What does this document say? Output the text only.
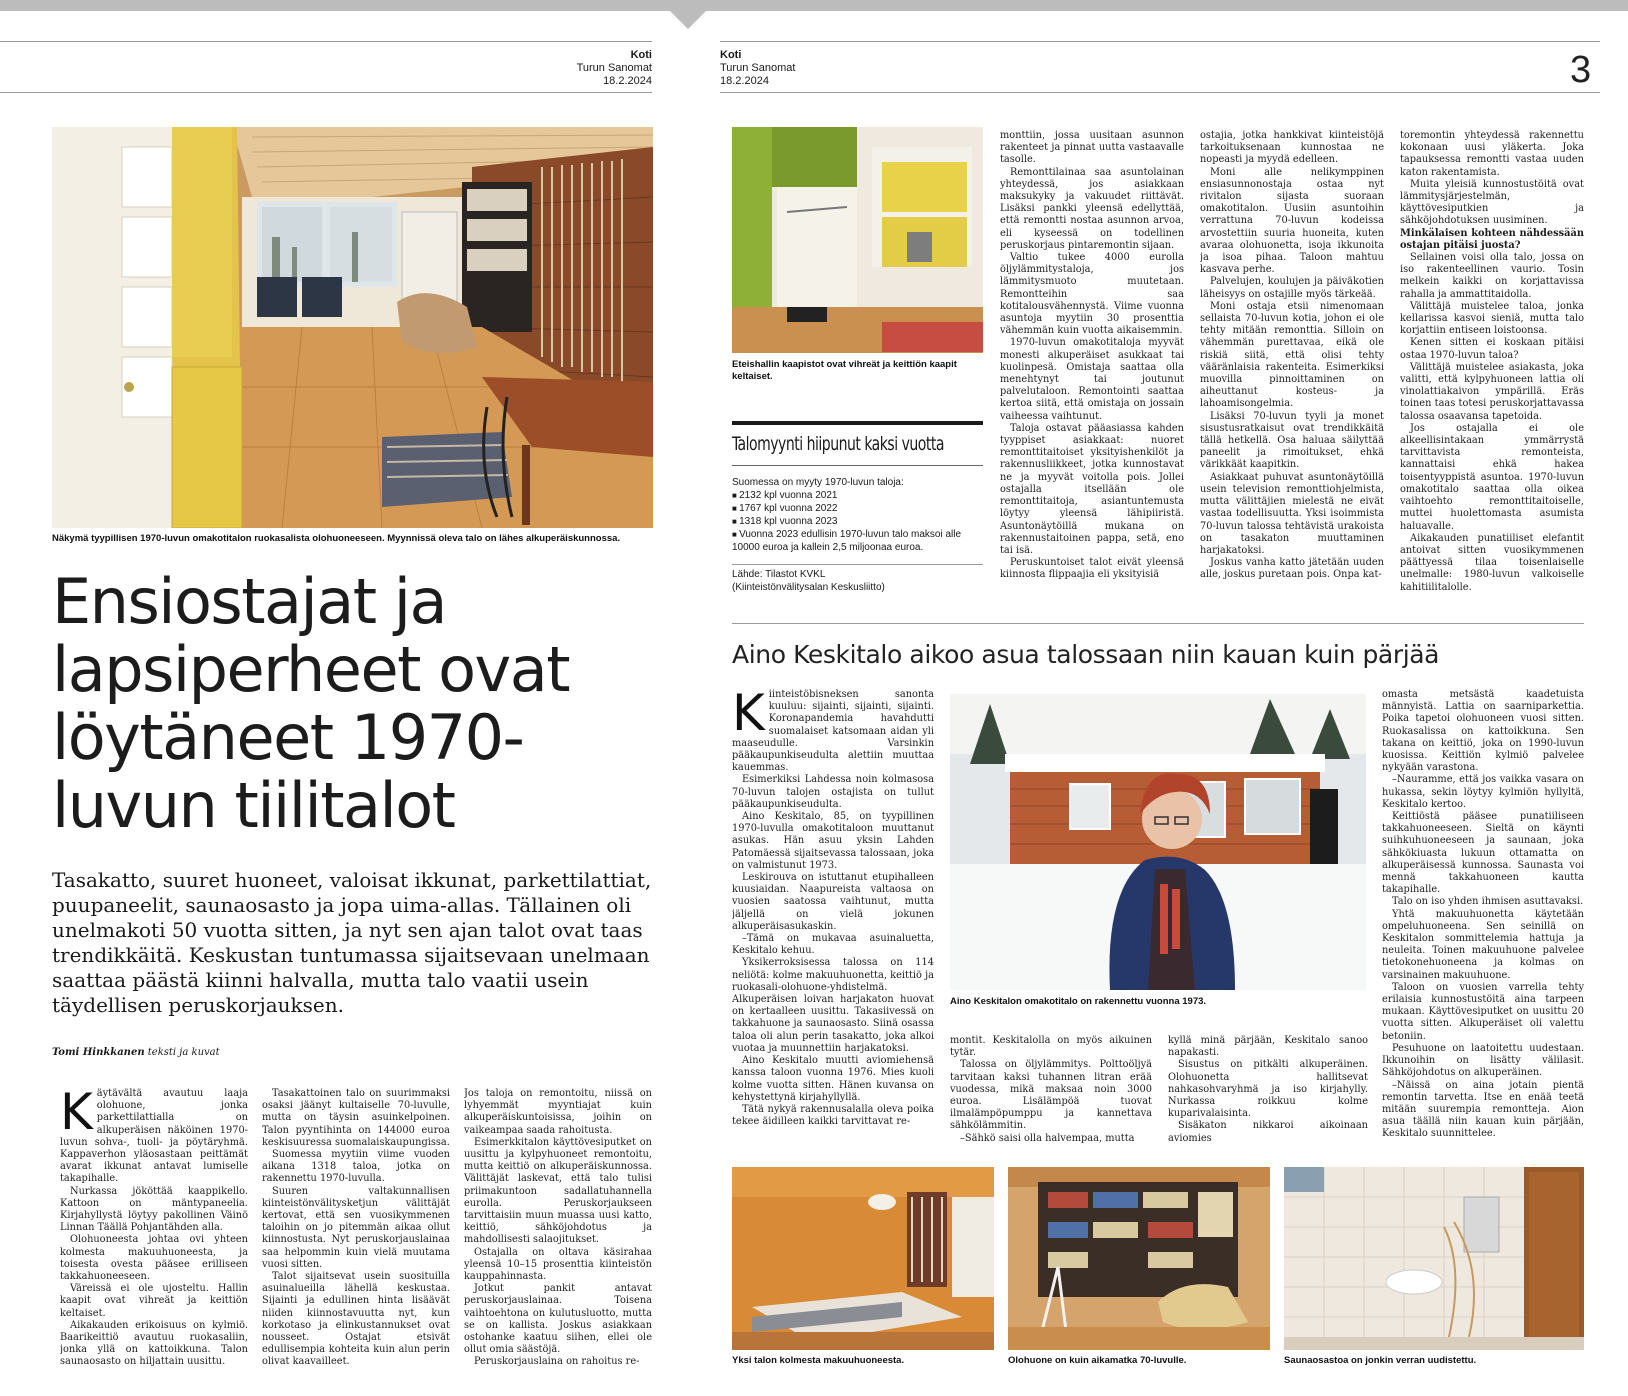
Koti
Turun Sanomat
18.2.2024
Koti
Turun Sanomat
18.2.2024	3
Näkymä tyypillisen 1970-luvun omakotitalon ruokasalista olohuoneeseen. Myynnissä oleva talo on lähes alkuperäiskunnossa.
Ensiostajat ja lapsiperheet ovat löytäneet 1970-luvun tiilitalot

Tasakatto, suuret huoneet, valoisat ikkunat, parkettilattiat, puupaneelit, saunaosasto ja jopa uima-allas. Tällainen oli unelmakoti 50 vuotta sitten, ja nyt sen ajan talot ovat taas trendikkäitä. Keskustan tuntumassa sijaitsevaan unelmaan saattaa päästä kiinni halvalla, mutta talo vaatii usein täydellisen peruskorjauksen.

Tomi Hinkkanen teksti ja kuvat
K äytävältä avautuu laaja olohuone, jonka parkettilattialla on alkuperäisen näköinen 1970-luvun sohva-, tuoli- ja pöytäryhmä. Kappaverhon yläosastaan peittämät avarat ikkunat antavat lumiselle takapihalle.

Nurkassa jököttää kaappikello. Kattoon on mäntypaneelia. Kirjahyllystä löytyy pakollinen Väinö Linnan Täällä Pohjantähden alla.

Olohuoneesta johtaa ovi yhteen kolmesta makuuhuoneesta, ja toisesta ovesta pääsee erilliseen takkahuoneeseen.

Väreissä ei ole ujosteltu. Hallin kaapit ovat vihreät ja keittiön keltaiset.

Aikakauden erikoisuus on kylmiö. Baarikeittiö avautuu ruokasaliin, jonka yllä on kattoikkuna. Talon saunaosasto on hiljattain uusittu.

Tasakattoinen talo on suurimmaksi osaksi jäänyt kultaiselle 70-luvulle, mutta on täysin asuinkelpoinen. Talon pyyntihinta on 144000 euroa keskisuuressa suomalaiskaupungissa.

Suomessa myytiin viime vuoden aikana 1318 taloa, jotka on rakennettu 1970-luvulla.

Suuren valtakunnallisen kiinteistönvälitysketjun välittäjät kertovat, että sen vuosikymmenen taloihin on jo pitemmän aikaa ollut kiinnostusta. Nyt peruskorjauslainaa saa helpommin kuin vielä muutama vuosi sitten.

Talot sijaitsevat usein suosituilla asuinalueilla lähellä keskustaa. Sijainti ja edullinen hinta lisäävät niiden kiinnostavuutta nyt, kun korkotaso ja elinkustannukset ovat nousseet. Ostajat etsivät edullisempia kohteita kuin alun perin olivat kaavailleet.

Jos taloja on remontoitu, niissä on lyhyemmät myyntiajat kuin alkuperäiskuntoisissa, joihin on vaikeampaa saada rahoitusta.

Esimerkkitalon käyttövesiputket on uusittu ja kylpyhuoneet remontoitu, mutta keittiö on alkuperäiskunnossa. Välittäjät laskevat, että talo tulisi priimakuntoon sadallatuhannella eurolla. Peruskorjaukseen tarvittaisiin muun muassa uusi katto, keittiö, sähköjohdotus ja mahdollisesti salaojitukset.

Ostajalla on oltava käsirahaa yleensä 10–15 prosenttia kiinteistön kauppahinnasta.

Jotkut pankit antavat peruskorjauslainaa. Toisena vaihtoehtona on kulutusluotto, mutta se on kallista. Joskus asiakkaan ostohanke kaatuu siihen, ellei ole ollut omia säästöjä.

Peruskorjauslaina on rahoitus re-

Eteishallin kaapistot ovat vihreät ja keittiön kaapit keltaiset.
Talomyynti hiipunut kaksi vuotta
Suomessa on myyty 1970-luvun taloja:
■ 2132 kpl vuonna 2021
■ 1767 kpl vuonna 2022
■ 1318 kpl vuonna 2023
■ Vuonna 2023 edullisin 1970-luvun talo maksoi alle 10000 euroa ja kallein 2,5 miljoonaa euroa.
Lähde: Tilastot KVKL
(Kiinteistönvälitysalan Keskusliitto)

monttiin, jossa uusitaan asunnon rakenteet ja pinnat uutta vastaavalle tasolle.

Remonttilainaa saa asuntolainan yhteydessä, jos asiakkaan maksukyky ja vakuudet riittävät. Lisäksi pankki yleensä edellyttää, että remontti nostaa asunnon arvoa, eli kyseessä on todellinen peruskorjaus pintaremontin sijaan.

Valtio tukee 4000 eurolla öljylämmitystaloja, jos lämmitysmuoto muutetaan. Remontteihin saa kotitalousvähennystä. Viime vuonna asuntoja myytiin 30 prosenttia vähemmän kuin vuotta aikaisemmin.

1970-luvun omakotitaloja myyvät monesti alkuperäiset asukkaat tai kuolinpesä. Omistaja saattaa olla menehtynyt tai joutunut palvelutaloon. Remontointi saattaa kertoa siitä, että omistaja on jossain vaiheessa vaihtunut.

Taloja ostavat pääasiassa kahden tyyppiset asiakkaat: nuoret remonttitaitoiset yksityishenkilöt ja rakennusliikkeet, jotka kunnostavat ne ja myyvät voitolla pois. Jollei ostajalla itsellään ole remonttitaitoja, asiantuntemusta löytyy yleensä lähipiiristä. Asuntonäytöillä mukana on rakennustaitoinen pappa, setä, eno tai isä.

Peruskuntoiset talot eivät yleensä kiinnosta flippaajia eli yksityisiä

ostajia, jotka hankkivat kiinteistöjä tarkoituksenaan kunnostaa ne nopeasti ja myydä edelleen.

Moni alle nelikymppinen ensiasunnonostaja ostaa nyt rivitalon sijasta suoraan omakotitalon. Uusiin asuntoihin verrattuna 70-luvun kodeissa arvostettiin suuria huoneita, kuten avaraa olohuonetta, isoja ikkunoita ja isoa pihaa. Taloon mahtuu kasvava perhe.

Palvelujen, koulujen ja päiväkotien läheisyys on ostajille myös tärkeää.

Moni ostaja etsii nimenomaan sellaista 70-luvun kotia, johon ei ole tehty mitään remonttia. Silloin on vähemmän purettavaa, eikä ole riskiä siitä, että olisi tehty vääränlaisia rakenteita. Esimerkiksi muovilla pinnoittaminen on aiheuttanut kosteus- ja lahoamisongelmia.

Lisäksi 70-luvun tyyli ja monet sisustusratkaisut ovat trendikkäitä tällä hetkellä. Osa haluaa säilyttää paneelit ja rimoitukset, ehkä värikkäät kaapitkin.

Asiakkaat puhuvat asuntonäytöillä usein television remonttiohjelmista, mutta välittäjien mielestä ne eivät vastaa todellisuutta. Yksi isoimmista 70-luvun talossa tehtävistä urakoista on tasakaton muuttaminen harjakatoksi.

Joskus vanha katto jätetään uuden alle, joskus puretaan pois. Onpa kat-

toremontin yhteydessä rakennettu kokonaan uusi yläkerta. Joka tapauksessa remontti vastaa uuden katon rakentamista.

Muita yleisiä kunnostustöitä ovat lämmitysjärjestelmän, käyttövesiputkien ja sähköjohdotuksen uusiminen.

Minkälaisen kohteen nähdessään ostajan pitäisi juosta?

Sellainen voisi olla talo, jossa on iso rakenteellinen vaurio. Tosin melkein kaikki on korjattavissa rahalla ja ammattitaidolla.

Välittäjä muistelee taloa, jonka kellarissa kasvoi sieniä, mutta talo korjattiin entiseen loistoonsa.

Kenen sitten ei koskaan pitäisi ostaa 1970-luvun taloa?

Välittäjä muistelee asiakasta, joka valitti, että kylpyhuoneen lattia oli vinolattiakaivon ympärillä. Eräs toinen taas totesi peruskorjattavassa talossa osaavansa tapetoida.

Jos ostajalla ei ole alkeellisintakaan ymmärrystä tarvittavista remonteista, kannattaisi ehkä hakea toisentyyppistä asuntoa. 1970-luvun omakotitalo saattaa olla oikea vaihtoehto remonttitaitoiselle, muttei huolettomasta asumista haluavalle.

Aikakauden punatiiliset elefantit antoivat sitten vuosikymmenen päättyessä tilaa toisenlaiselle unelmalle: 1980-luvun valkoiselle kahitiilitalolle.

Aino Keskitalo aikoo asua talossaan niin kauan kuin pärjää
K iinteistöbisneksen sanonta kuuluu: sijainti, sijainti, sijainti. Koronapandemia havahdutti suomalaiset katsomaan aidan yli maaseudulle. Varsinkin pääkaupunkiseudulta alettiin muuttaa kauemmas.

Esimerkiksi Lahdessa noin kolmasosa 70-luvun talojen ostajista on tullut pääkaupunkiseudulta.

Aino Keskitalo, 85, on tyypillinen 1970-luvulla omakotitaloon muuttanut asukas. Hän asuu yksin Lahden Patomäessä sijaitsevassa talossaan, joka on valmistunut 1973.

Leskirouva on istuttanut etupihalleen kuusiaidan. Naapureista valtaosa on vuosien saatossa vaihtunut, mutta jäljellä on vielä jokunen alkuperäisasukaskin.

–Tämä on mukavaa asuinaluetta, Keskitalo kehuu.

Yksikerroksisessa talossa on 114 neliötä: kolme makuuhuonetta, keittiö ja ruokasali-olohuone-yhdistelmä. Alkuperäisen loivan harjakaton huovat on kertaalleen uusittu. Takasiivessä on takkahuone ja saunaosasto. Siinä osassa taloa oli alun perin tasakatto, joka alkoi vuotaa ja muunnettiin harjakatoksi.

Aino Keskitalo muutti aviomiehensä kanssa taloon vuonna 1976. Mies kuoli kolme vuotta sitten. Hänen kuvansa on kehystettynä kirjahyllyllä.

Tätä nykyä rakennusalalla oleva poika tekee äidilleen kaikki tarvittavat re-

Aino Keskitalon omakotitalo on rakennettu vuonna 1973.

montit. Keskitalolla on myös aikuinen tytär.

Talossa on öljylämmitys. Polttoöljyä tarvitaan kaksi tuhannen litran erää vuodessa, mikä maksaa noin 3000 euroa. Lisälämpöä tuovat ilmalämpöpumppu ja kannettava sähkölämmitin.

–Sähkö saisi olla halvempaa, mutta

kyllä minä pärjään, Keskitalo sanoo napakasti.

Sisustus on pitkälti alkuperäinen. Olohuonetta hallitsevat nahkasohvaryhmä ja iso kirjahylly. Nurkassa roikkuu kolme kuparivalaisinta.

Sisäkaton nikkaroi aikoinaan aviomies

omasta metsästä kaadetuista männyistä. Lattia on saarniparkettia. Poika tapetoi olohuoneen vuosi sitten. Ruokasalissa on kattoikkuna. Sen takana on keittiö, joka on 1990-luvun kuosissa. Keittiön kylmiö palvelee nykyään varastona.

–Nauramme, että jos vaikka vasara on hukassa, sekin löytyy kylmiön hyllyltä, Keskitalo kertoo.

Keittiöstä pääsee punatiiliseen takkahuoneeseen. Sieltä on käynti suihkuhuoneeseen ja saunaan, joka sähkökiuasta lukuun ottamatta on alkuperäisessä kunnossa. Saunasta voi mennä takkahuoneen kautta takapihalle.

Talo on iso yhden ihmisen asuttavaksi.

Yhtä makuuhuonetta käytetään ompeluhuoneena. Sen seinillä on Keskitalon sommittelemia hattuja ja neuleita. Toinen makuuhuone palvelee tietokonehuoneena ja kolmas on varsinainen makuuhuone.

Taloon on vuosien varrella tehty erilaisia kunnostustöitä aina tarpeen mukaan. Käyttövesiputket on uusittu 20 vuotta sitten. Alkuperäiset oli valettu betoniin.

Pesuhuone on laatoitettu uudestaan. Ikkunoihin on lisätty välilasit. Sähköjohdotus on alkuperäinen.

–Näissä on aina jotain pientä remontin tarvetta. Itse en enää teetä mitään suurempia remontteja. Aion asua täällä niin kauan kuin pärjään, Keskitalo suunnittelee.

Yksi talon kolmesta makuuhuoneesta.	Olohuone on kuin aikamatka 70-luvulle.	Saunaosastoa on jonkin verran uudistettu.
